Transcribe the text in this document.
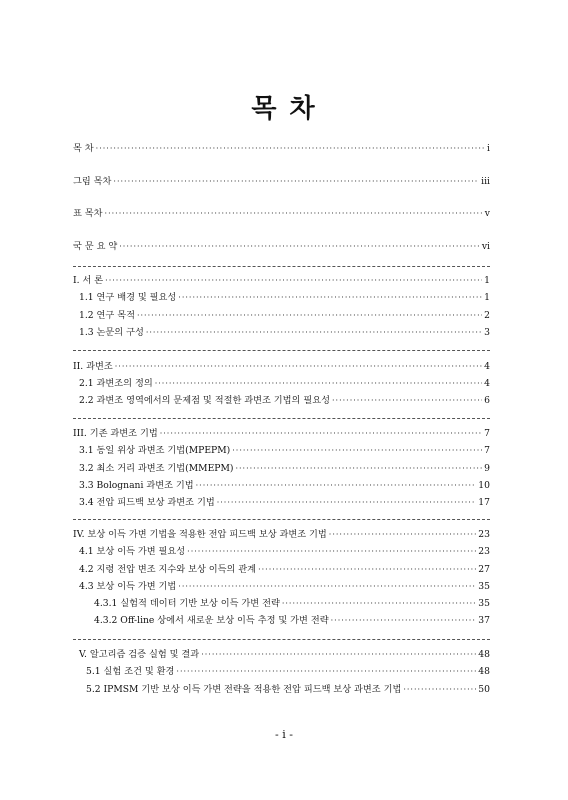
목 차
목 차 ·····	i
그림 목차 ·····	iii
표 목차 ·····	v
국 문 요 약 ·····	vi
I. 서 론 ·····	1
1.1 연구 배경 및 필요성 ·····	1
1.2 연구 목적 ·····	2
1.3 논문의 구성 ·····	3
II. 과변조 ·····	4
2.1 과변조의 정의 ·····	4
2.2 과변조 영역에서의 문제점 및 적절한 과변조 기법의 필요성 ·····	6
III. 기존 과변조 기법 ·····	7
3.1 동일 위상 과변조 기법(MPEPM) ·····	7
3.2 최소 거리 과변조 기법(MMEPM) ·····	9
3.3 Bolognani 과변조 기법 ·····	10
3.4 전압 피드백 보상 과변조 기법 ·····	17
IV. 보상 이득 가변 기법을 적용한 전압 피드백 보상 과변조 기법 ·····	23
4.1 보상 이득 가변 필요성 ·····	23
4.2 지령 전압 변조 지수와 보상 이득의 관계 ·····	27
4.3 보상 이득 가변 기법 ·····	35
4.3.1 실험적 데이터 기반 보상 이득 가변 전략 ·····	35
4.3.2 Off-line 상에서 새로운 보상 이득 추정 및 가변 전략 ·····	37
V. 알고리즘 검증 실험 및 결과 ·····	48
5.1 실험 조건 및 환경 ·····	48
5.2 IPMSM 기반 보상 이득 가변 전략을 적용한 전압 피드백 보상 과변조 기법 ·····	50
- i -
